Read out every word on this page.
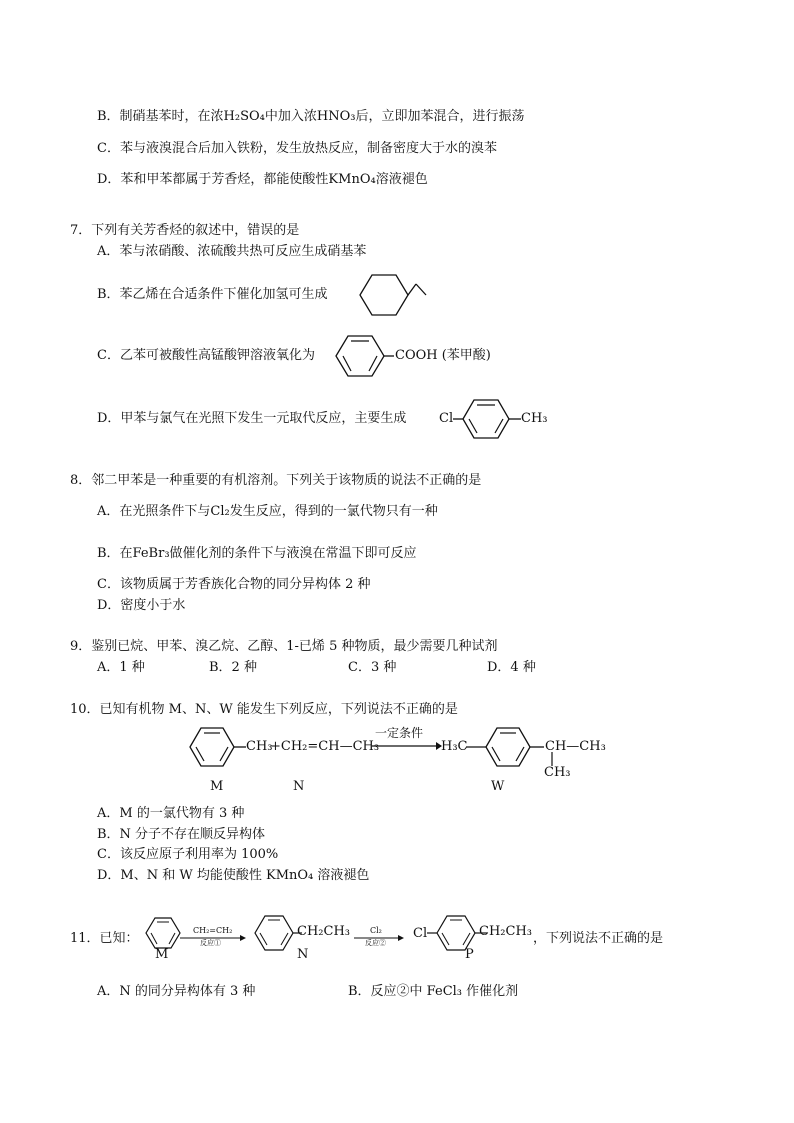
B．制硝基苯时，在浓H₂SO₄中加入浓HNO₃后，立即加苯混合，进行振荡
C．苯与液溴混合后加入铁粉，发生放热反应，制备密度大于水的溴苯
D．苯和甲苯都属于芳香烃，都能使酸性KMnO₄溶液褪色
7．下列有关芳香烃的叙述中，错误的是
A．苯与浓硝酸、浓硫酸共热可反应生成硝基苯
B．苯乙烯在合适条件下催化加氢可生成
C．乙苯可被酸性高锰酸钾溶液氧化为	COOH (苯甲酸)
D．甲苯与氯气在光照下发生一元取代反应，主要生成	Cl	CH₃
8．邻二甲苯是一种重要的有机溶剂。下列关于该物质的说法不正确的是
A．在光照条件下与Cl₂发生反应，得到的一氯代物只有一种
B．在FeBr₃做催化剂的条件下与液溴在常温下即可反应
C．该物质属于芳香族化合物的同分异构体 2 种
D．密度小于水
9．鉴别已烷、甲苯、溴乙烷、乙醇、1-已烯 5 种物质，最少需要几种试剂
A．1 种	B．2 种	C．3 种	D．4 种
10．已知有机物 M、N、W 能发生下列反应，下列说法不正确的是
CH₃
+CH₂=CH—CH₃
一定条件
H₃C	CH—CH₃
CH₃
M	N	W
A．M 的一氯代物有 3 种
B．N 分子不存在顺反异构体
C．该反应原子利用率为 100%
D．M、N 和 W 均能使酸性 KMnO₄ 溶液褪色
11．已知：
M
CH₂=CH₂
反应①
CH₂CH₃
N
Cl₂
反应②
Cl	CH₂CH₃
P
，下列说法不正确的是
A．N 的同分异构体有 3 种	B．反应②中 FeCl₃ 作催化剂
